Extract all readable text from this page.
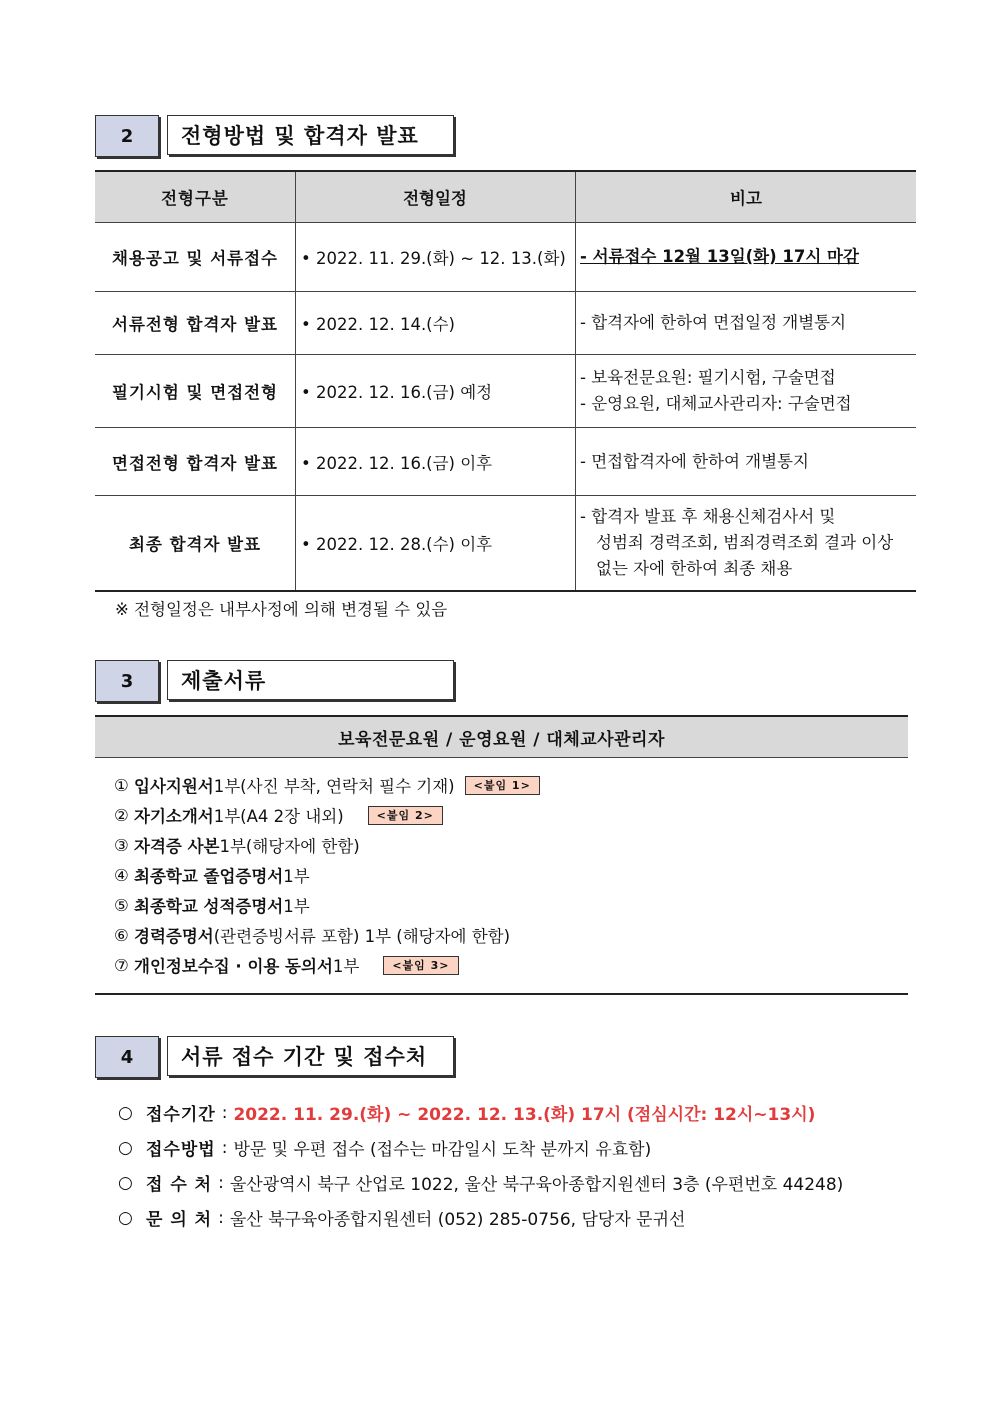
2	전형방법 및 합격자 발표
전형구분	전형일정	비고
채용공고 및 서류접수	• 2022. 11. 29.(화) ~ 12. 13.(화)	- 서류접수 12월 13일(화) 17시 마감

서류전형 합격자 발표	• 2022. 12. 14.(수)	- 합격자에 한하여 면접일정 개별통지

필기시험 및 면접전형	• 2022. 12. 16.(금) 예정	- 보육전문요원: 필기시험, 구술면접
- 운영요원, 대체교사관리자: 구술면접

면접전형 합격자 발표	• 2022. 12. 16.(금) 이후	- 면접합격자에 한하여 개별통지

최종 합격자 발표	• 2022. 12. 28.(수) 이후	- 합격자 발표 후 채용신체검사서 및
성범죄 경력조회, 범죄경력조회 결과 이상
없는 자에 한하여 최종 채용
※ 전형일정은 내부사정에 의해 변경될 수 있음
3	제출서류
보육전문요원 / 운영요원 / 대체교사관리자
①
입사지원서 1부(사진 부착, 연락처 필수 기재)	<붙임 1>
②
자기소개서 1부(A4 2장 내외)	<붙임 2>
③
자격증 사본 1부(해당자에 한함)
④
최종학교 졸업증명서 1부
⑤
최종학교 성적증명서 1부
⑥
경력증명서 (관련증빙서류 포함) 1부 (해당자에 한함)
⑦
개인정보수집 · 이용 동의서 1부	<붙임 3>
4	서류 접수 기간 및 접수처
○ 접수기간 : 2022. 11. 29.(화) ~ 2022. 12. 13.(화) 17시 (점심시간: 12시~13시)
○ 접수방법 : 방문 및 우편 접수 (접수는 마감일시 도착 분까지 유효함)
○ 접 수 처 : 울산광역시 북구 산업로 1022, 울산 북구육아종합지원센터 3층 (우편번호 44248)
○ 문 의 처 : 울산 북구육아종합지원센터 (052) 285-0756, 담당자 문귀선
